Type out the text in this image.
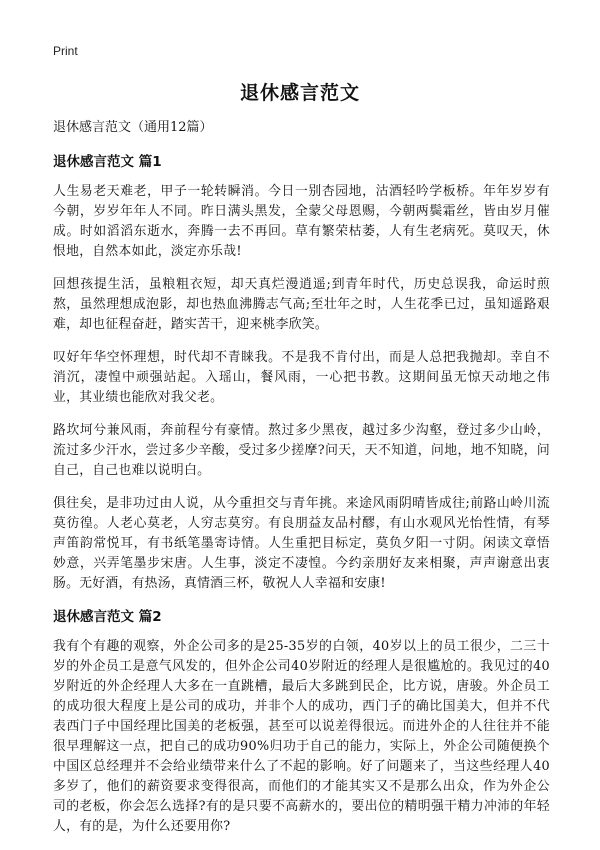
Print
退休感言范文
退休感言范文（通用12篇）
退休感言范文 篇1

人生易老天难老，甲子一轮转瞬消。今日一别杏园地，沽酒轻吟学板桥。年年岁岁有今朝，岁岁年年人不同。昨日满头黑发，全蒙父母恩赐，今朝两鬓霜丝，皆由岁月催成。时如滔滔东逝水，奔腾一去不再回。草有繁荣枯萎，人有生老病死。莫叹天，休恨地，自然本如此，淡定亦乐哉!

回想孩提生活，虽粮粗衣短，却天真烂漫逍遥;到青年时代，历史总误我，命运时煎熬，虽然理想成泡影，却也热血沸腾志气高;至壮年之时，人生花季已过，虽知遥路艰难，却也征程奋赶，踏实苦干，迎来桃李欣笑。

叹好年华空怀理想，时代却不青睐我。不是我不肯付出，而是人总把我抛却。幸自不消沉，凄惶中顽强站起。入瑶山，餐风雨，一心把书教。这期间虽无惊天动地之伟业，其业绩也能欣对我父老。

路坎坷兮兼风雨，奔前程兮有豪情。熬过多少黑夜，越过多少沟壑，登过多少山岭，流过多少汗水，尝过多少辛酸，受过多少搓摩?问天，天不知道，问地，地不知晓，问自己，自己也难以说明白。

俱往矣，是非功过由人说，从今重担交与青年挑。来途风雨阴晴皆成往;前路山岭川流莫彷徨。人老心莫老，人穷志莫穷。有良朋益友品村醪，有山水观风光怡性情，有琴声笛韵常悦耳，有书纸笔墨寄诗情。人生重把目标定，莫负夕阳一寸阴。闲读文章悟妙意，兴弄笔墨步宋唐。人生事，淡定不凄惶。今约亲朋好友来相聚，声声谢意出衷肠。无好酒，有热汤，真情酒三杯，敬祝人人幸福和安康!

退休感言范文 篇2

我有个有趣的观察，外企公司多的是25-35岁的白领，40岁以上的员工很少，二三十岁的外企员工是意气风发的，但外企公司40岁附近的经理人是很尴尬的。我见过的40岁附近的外企经理人大多在一直跳槽，最后大多跳到民企，比方说，唐骏。外企员工的成功很大程度上是公司的成功，并非个人的成功，西门子的确比国美大，但并不代表西门子中国经理比国美的老板强，甚至可以说差得很远。而进外企的人往往并不能很早理解这一点，把自己的成功90%归功于自己的能力，实际上，外企公司随便换个中国区总经理并不会给业绩带来什么了不起的影响。好了问题来了，当这些经理人40多岁了，他们的薪资要求变得很高，而他们的才能其实又不是那么出众，作为外企公司的老板，你会怎么选择?有的是只要不高薪水的，要出位的精明强干精力冲沛的年轻人，有的是，为什么还要用你?
